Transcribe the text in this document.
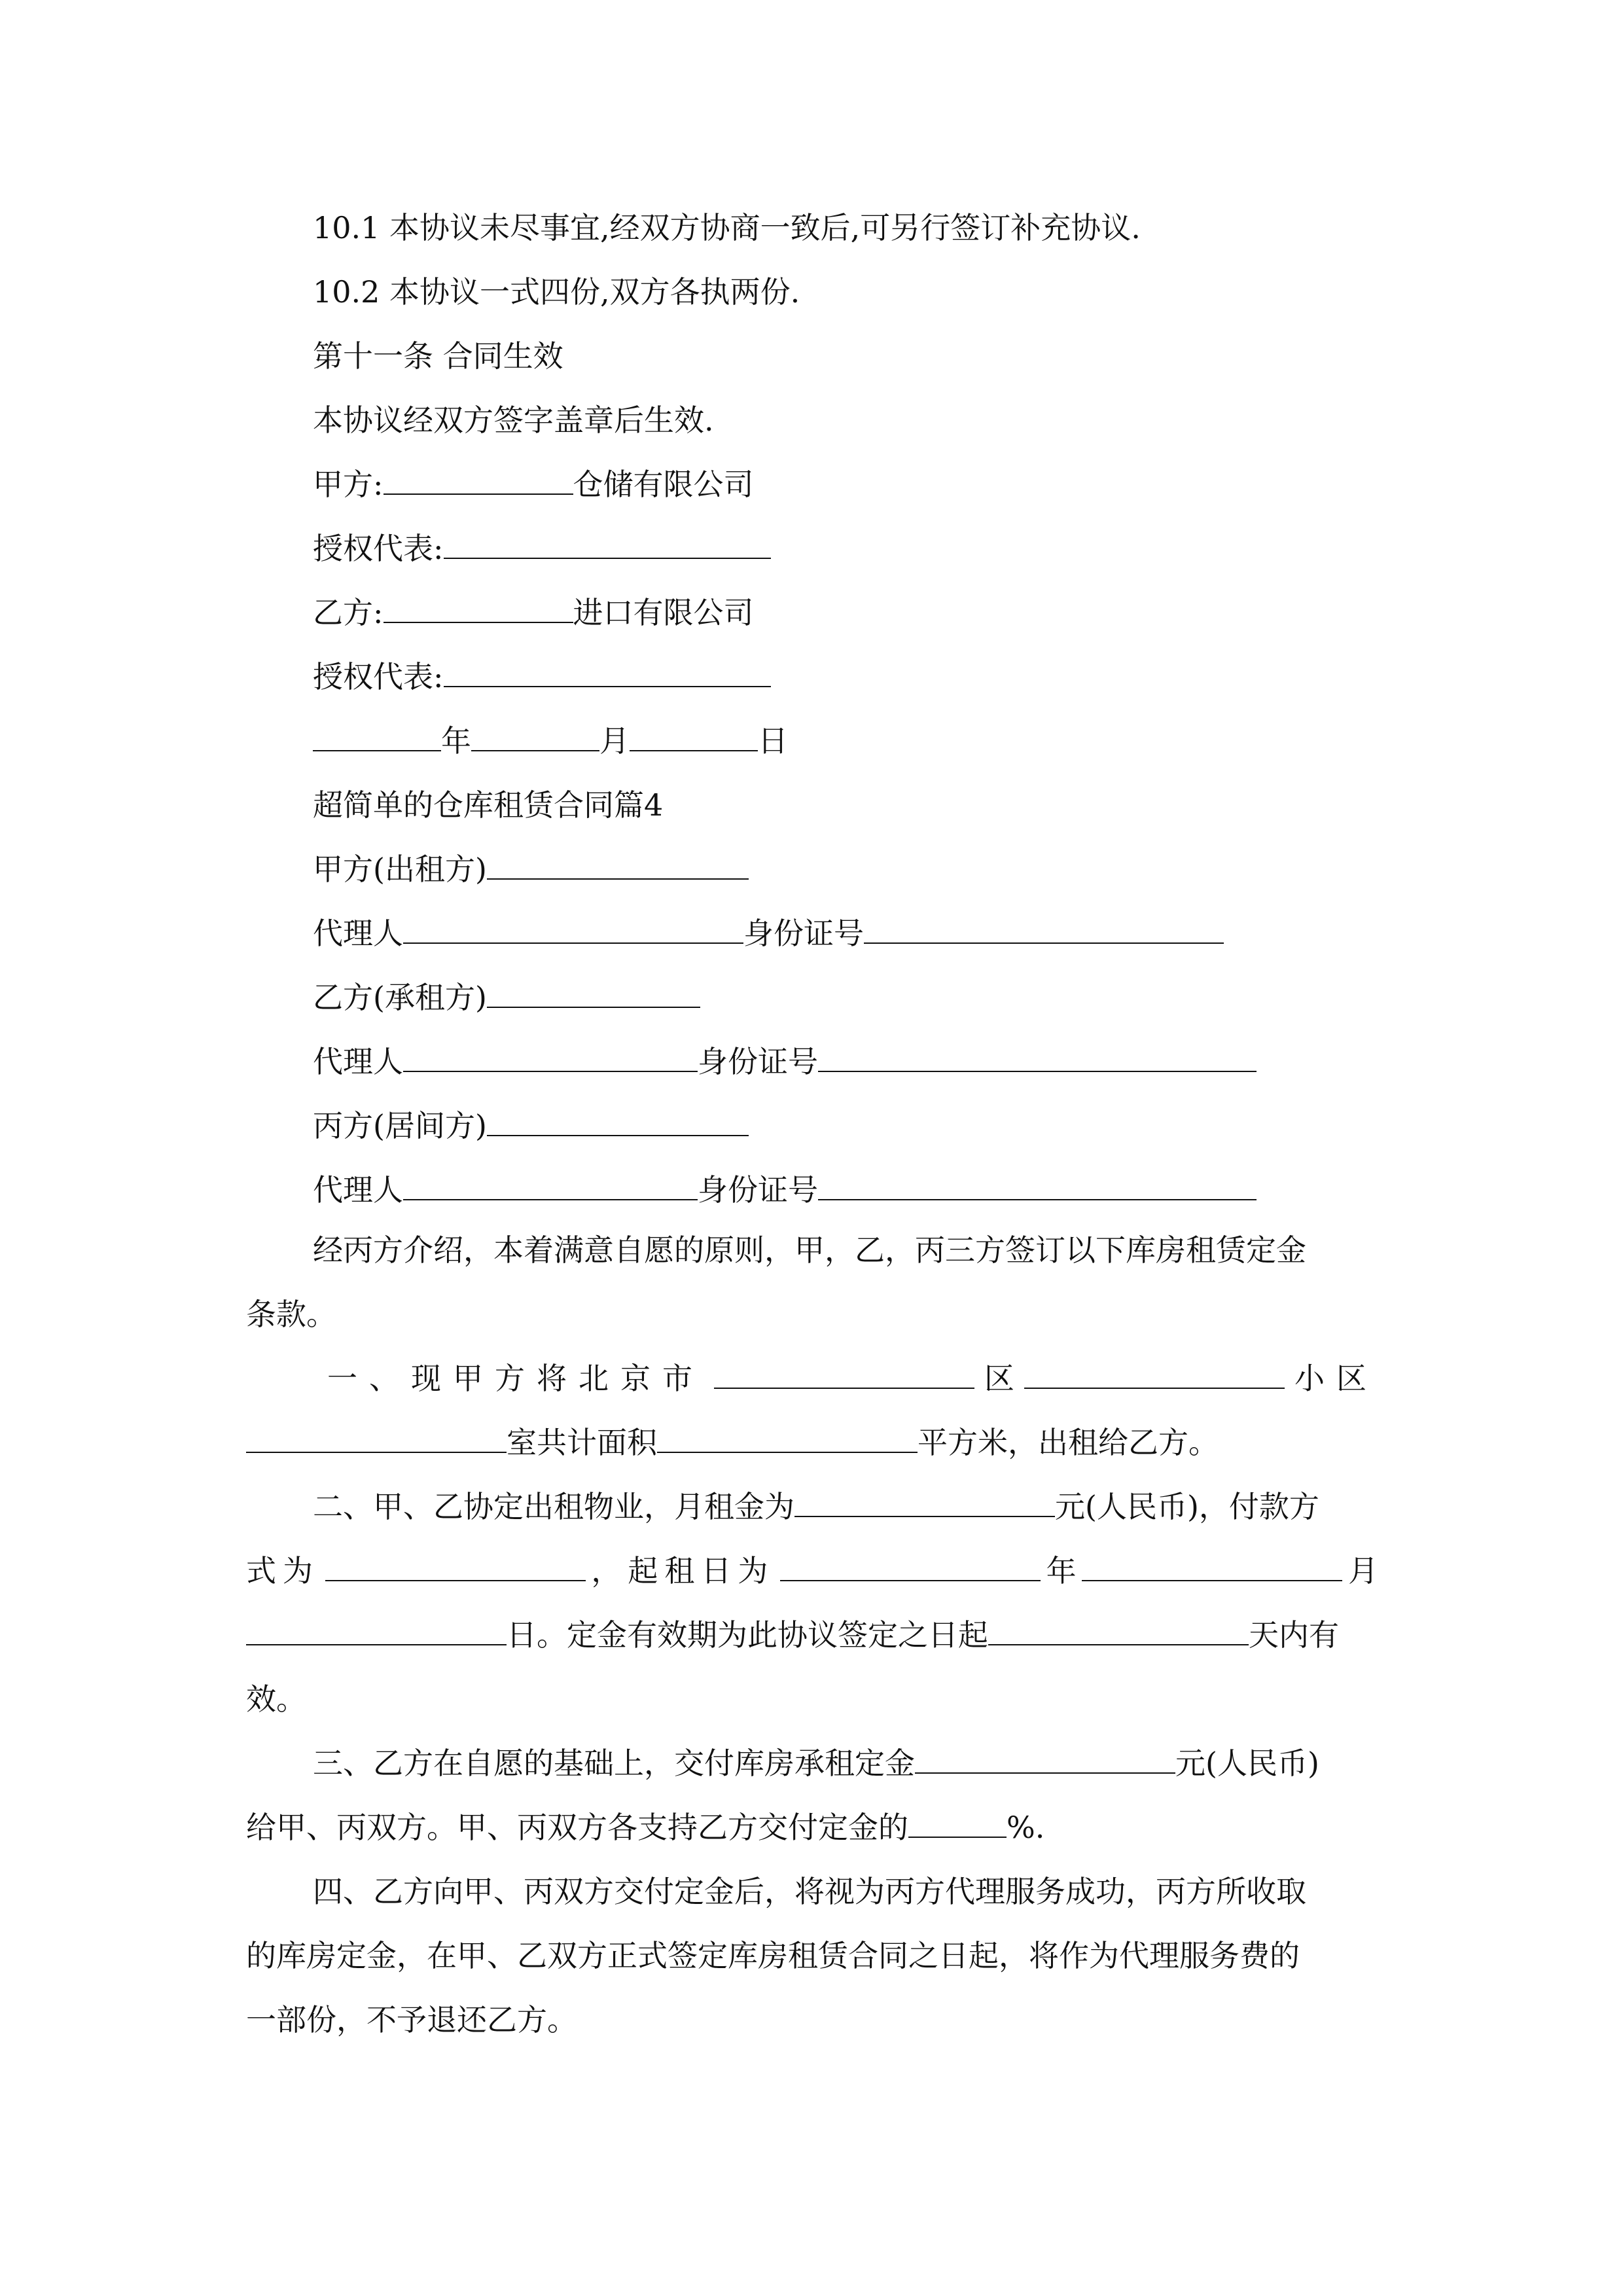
10.1 本协议未尽事宜,经双方协商一致后,可另行签订补充协议.
10.2 本协议一式四份,双方各执两份.
第十一条 合同生效
本协议经双方签字盖章后生效.
甲方:	仓储有限公司
授权代表:
乙方:	进口有限公司
授权代表:
年	月	日
超简单的仓库租赁合同篇4
甲方(出租方)
代理人	身份证号
乙方(承租方)
代理人	身份证号
丙方(居间方)
代理人	身份证号
经丙方介绍，本着满意自愿的原则，甲，乙，丙三方签订以下库房租赁定金
条款。
一、现甲方将北京市	区	小区
室共计面积	平方米，出租给乙方。
二、甲、乙协定出租物业，月租金为	元(人民币)，付款方
式为	，起租日为	年	月
日。定金有效期为此协议签定之日起	天内有
效。
三、乙方在自愿的基础上，交付库房承租定金	元(人民币)
给甲、丙双方。甲、丙双方各支持乙方交付定金的	%.
四、乙方向甲、丙双方交付定金后，将视为丙方代理服务成功，丙方所收取
的库房定金，在甲、乙双方正式签定库房租赁合同之日起，将作为代理服务费的
一部份，不予退还乙方。
